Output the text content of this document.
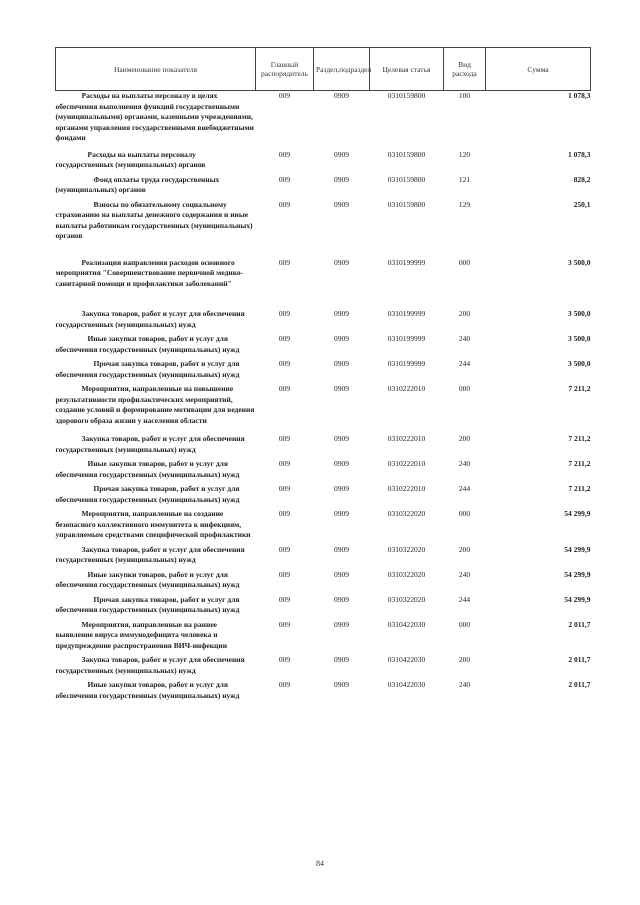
Наименование показателя	Главный распорядитель	Раздел,подраздел	Целевая статья	Вид расхода	Сумма

Расходы на выплаты персоналу в целях обеспечения выполнения функций государственными (муниципальными) органами, казенными учреждениями, органами управления государственными внебюджетными фондами	009	0909	0310159800	100	1 078,3

Расходы на выплаты персоналу государственных (муниципальных) органов	009	0909	0310159800	120	1 078,3

Фонд оплаты труда государственных (муниципальных) органов	009	0909	0310159800	121	828,2

Взносы по обязательному социальному страхованию на выплаты денежного содержания и иные выплаты работникам государственных (муниципальных) органов	009	0909	0310159800	129	250,1

Реализация направления расходов основного мероприятия "Совершенствование первичной медико-санитарной помощи и профилактики заболеваний"	009	0909	0310199999	000	3 500,0

Закупка товаров, работ и услуг для обеспечения государственных (муниципальных) нужд	009	0909	0310199999	200	3 500,0

Иные закупки товаров, работ и услуг для обеспечения государственных (муниципальных) нужд	009	0909	0310199999	240	3 500,0

Прочая закупка товаров, работ и услуг для обеспечения государственных (муниципальных) нужд	009	0909	0310199999	244	3 500,0

Мероприятия, направленные на повышение результативности профилактических мероприятий, создание условий и формирование мотивации для ведения здорового образа жизни у населения области	009	0909	0310222010	000	7 211,2

Закупка товаров, работ и услуг для обеспечения государственных (муниципальных) нужд	009	0909	0310222010	200	7 211,2

Иные закупки товаров, работ и услуг для обеспечения государственных (муниципальных) нужд	009	0909	0310222010	240	7 211,2

Прочая закупка товаров, работ и услуг для обеспечения государственных (муниципальных) нужд	009	0909	0310222010	244	7 211,2

Мероприятия, направленные на создание безопасного коллективного иммунитета к инфекциям, управляемым средствами специфической профилактики	009	0909	0310322020	000	54 299,9

Закупка товаров, работ и услуг для обеспечения государственных (муниципальных) нужд	009	0909	0310322020	200	54 299,9

Иные закупки товаров, работ и услуг для обеспечения государственных (муниципальных) нужд	009	0909	0310322020	240	54 299,9

Прочая закупка товаров, работ и услуг для обеспечения государственных (муниципальных) нужд	009	0909	0310322020	244	54 299,9

Мероприятия, направленные на раннее выявление вируса иммунодефицита человека и предупреждение распространения ВИЧ-инфекции	009	0909	0310422030	000	2 011,7

Закупка товаров, работ и услуг для обеспечения государственных (муниципальных) нужд	009	0909	0310422030	200	2 011,7

Иные закупки товаров, работ и услуг для обеспечения государственных (муниципальных) нужд	009	0909	0310422030	240	2 011,7
84
